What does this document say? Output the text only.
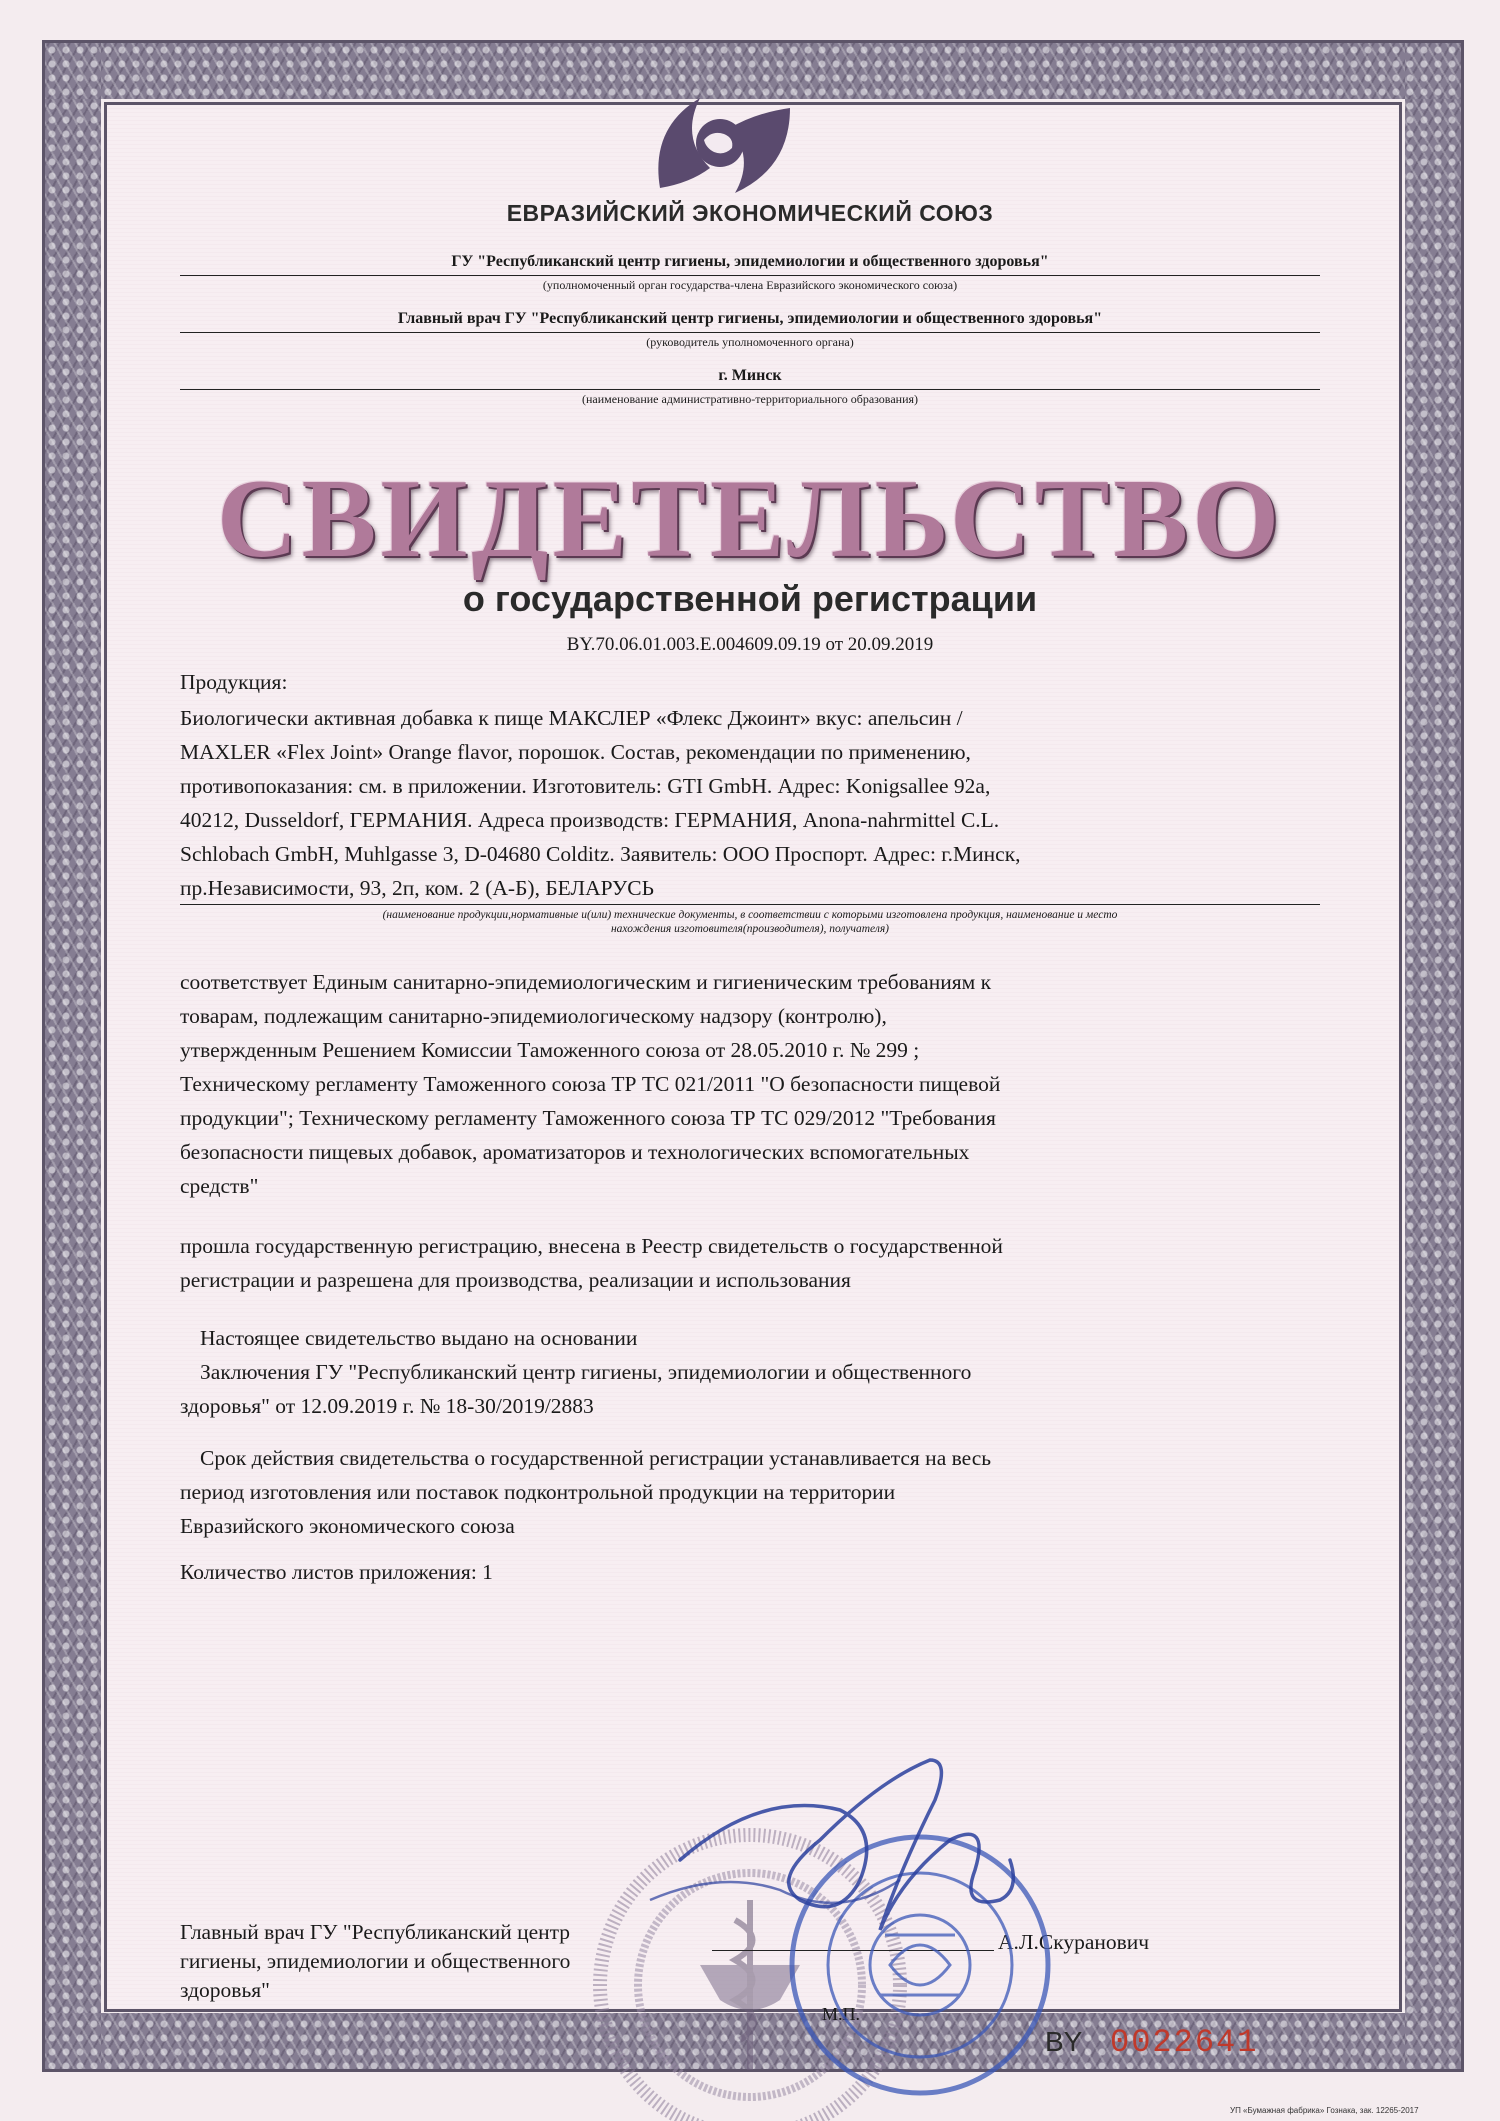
ЕВРАЗИЙСКИЙ ЭКОНОМИЧЕСКИЙ СОЮЗ
ГУ "Республиканский центр гигиены, эпидемиологии и общественного здоровья"
(уполномоченный орган государства-члена Евразийского экономического союза)
Главный врач ГУ "Республиканский центр гигиены, эпидемиологии и общественного здоровья"
(руководитель уполномоченного органа)
г. Минск
(наименование административно-территориального образования)
СВИДЕТЕЛЬСТВО
о государственной регистрации
BY.70.06.01.003.E.004609.09.19 от 20.09.2019
Продукция:
Биологически активная добавка к пище МАКСЛЕР «Флекс Джоинт» вкус: апельсин /
MAXLER «Flex Joint» Orange flavor, порошок. Состав, рекомендации по применению,
противопоказания: см. в приложении. Изготовитель: GTI GmbH. Адрес: Konigsallee 92a,
40212, Dusseldorf, ГЕРМАНИЯ. Адреса производств: ГЕРМАНИЯ, Anona-nahrmittel C.L.
Schlobach GmbH, Muhlgasse 3, D-04680 Colditz. Заявитель: ООО Проспорт. Адрес: г.Минск,
пр.Независимости, 93, 2п, ком. 2 (А-Б), БЕЛАРУСЬ
(наименование продукции,нормативные и(или) технические документы, в соответствии с которыми изготовлена продукция, наименование и место
нахождения изготовителя(производителя), получателя)
соответствует Единым санитарно-эпидемиологическим и гигиеническим требованиям к
товарам, подлежащим санитарно-эпидемиологическому надзору (контролю),
утвержденным Решением Комиссии Таможенного союза от 28.05.2010 г. № 299 ;
Техническому регламенту Таможенного союза ТР ТС 021/2011 "О безопасности пищевой
продукции"; Техническому регламенту Таможенного союза ТР ТС 029/2012 "Требования
безопасности пищевых добавок, ароматизаторов и технологических вспомогательных
средств"
прошла государственную регистрацию, внесена в Реестр свидетельств о государственной
регистрации и разрешена для производства, реализации и использования
Настоящее свидетельство выдано на основании
Заключения ГУ "Республиканский центр гигиены, эпидемиологии и общественного
здоровья" от 12.09.2019 г. № 18-30/2019/2883
Срок действия свидетельства о государственной регистрации устанавливается на весь
период изготовления или поставок подконтрольной продукции на территории
Евразийского экономического союза
Количество листов приложения: 1
Главный врач ГУ "Республиканский центр
гигиены, эпидемиологии и общественного
здоровья"
А.Л.Скуранович
М.П.
BY 0022641
УП «Бумажная фабрика» Гознака, зак. 12265-2017
